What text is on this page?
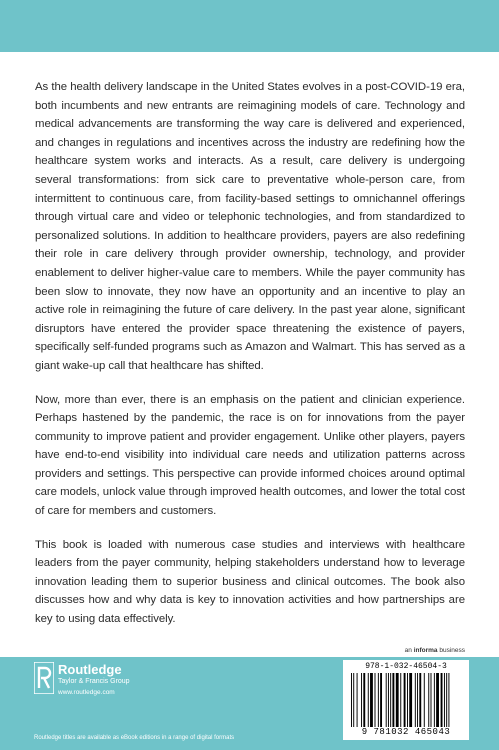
As the health delivery landscape in the United States evolves in a post-COVID-19 era, both incumbents and new entrants are reimagining models of care. Technology and medical advancements are transforming the way care is delivered and experienced, and changes in regulations and incentives across the industry are redefining how the healthcare system works and interacts. As a result, care delivery is undergoing several transformations: from sick care to preventative whole-person care, from intermittent to continuous care, from facility-based settings to omnichannel offerings through virtual care and video or telephonic technologies, and from standardized to personalized solutions. In addition to healthcare providers, payers are also redefining their role in care delivery through provider ownership, technology, and provider enablement to deliver higher-value care to members. While the payer community has been slow to innovate, they now have an opportunity and an incentive to play an active role in reimagining the future of care delivery. In the past year alone, significant disruptors have entered the provider space threatening the existence of payers, specifically self-funded programs such as Amazon and Walmart. This has served as a giant wake-up call that healthcare has shifted.

Now, more than ever, there is an emphasis on the patient and clinician experience. Perhaps hastened by the pandemic, the race is on for innovations from the payer community to improve patient and provider engagement. Unlike other players, payers have end-to-end visibility into individual care needs and utilization patterns across providers and settings. This perspective can provide informed choices around optimal care models, unlock value through improved health outcomes, and lower the total cost of care for members and customers.

This book is loaded with numerous case studies and interviews with healthcare leaders from the payer community, helping stakeholders understand how to leverage innovation leading them to superior business and clinical outcomes. The book also discusses how and why data is key to innovation activities and how partnerships are key to using data effectively.

an informa business
Routledge
Taylor & Francis Group
www.routledge.com
Routledge titles are available as eBook editions in a range of digital formats
978-1-032-46504-3
9 781032 465043
